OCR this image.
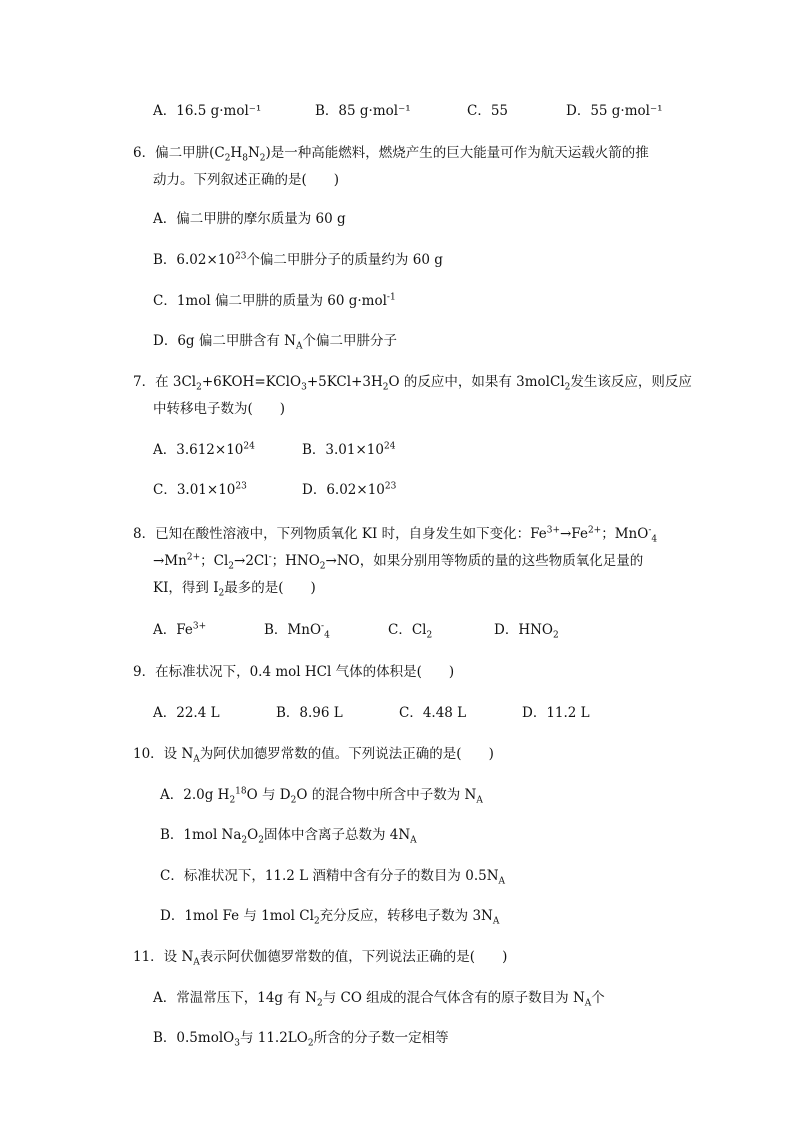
A．16.5 g·mol⁻¹	B．85 g·mol⁻¹	C．55	D．55 g·mol⁻¹
6．偏二甲肼$(C_2H_8N_2)$是一种高能燃料，燃烧产生的巨大能量可作为航天运载火箭的推
动力。下列叙述正确的是(　　)
A．偏二甲肼的摩尔质量为 60 g
B．$6.02\times 10^{23}$个偏二甲肼分子的质量约为 60 g
C．1mol 偏二甲肼的质量为 60 g·mol$^{-1}$
D．6g 偏二甲肼含有 $N_A$个偏二甲肼分子
7．在 $3Cl_2+6KOH=KClO_3+5KCl+3H_2O$ 的反应中，如果有 3molCl$_2$发生该反应，则反应
中转移电子数为(　　)
A．$3.612\times 10^{24}$	B．$3.01\times 10^{24}$
C．$3.01\times 10^{23}$	D．$6.02\times 10^{23}$
8．已知在酸性溶液中，下列物质氧化 KI 时，自身发生如下变化：$Fe^{3+}\to Fe^{2+}$；MnO-$_4$
$\to Mn^{2+}$；$Cl_2\to 2Cl^-$；$HNO_2\to NO$，如果分别用等物质的量的这些物质氧化足量的
KI，得到 $I_2$最多的是(　　)
A．$Fe^{3+}$	B．MnO-$_4$	C．$Cl_2$	D．$HNO_2$
9．在标准状况下，0.4 mol HCl 气体的体积是(　　)
A．22.4 L	B．8.96 L	C．4.48 L	D．11.2 L
10．设 $N_A$为阿伏加德罗常数的值。下列说法正确的是(　　)
A．2.0g $H_2^{18}O$ 与 $D_2O$ 的混合物中所含中子数为 $N_A$
B．1mol $Na_2O_2$固体中含离子总数为 $4N_A$
C．标准状况下，11.2 L 酒精中含有分子的数目为 $0.5N_A$
D．1mol Fe 与 1mol $Cl_2$充分反应，转移电子数为 $3N_A$
11．设 $N_A$表示阿伏伽德罗常数的值，下列说法正确的是(　　)
A．常温常压下，14g 有 $N_2$与 CO 组成的混合气体含有的原子数目为 $N_A$个
B．0.5molO$_3$与 $11.2LO_2$所含的分子数一定相等
